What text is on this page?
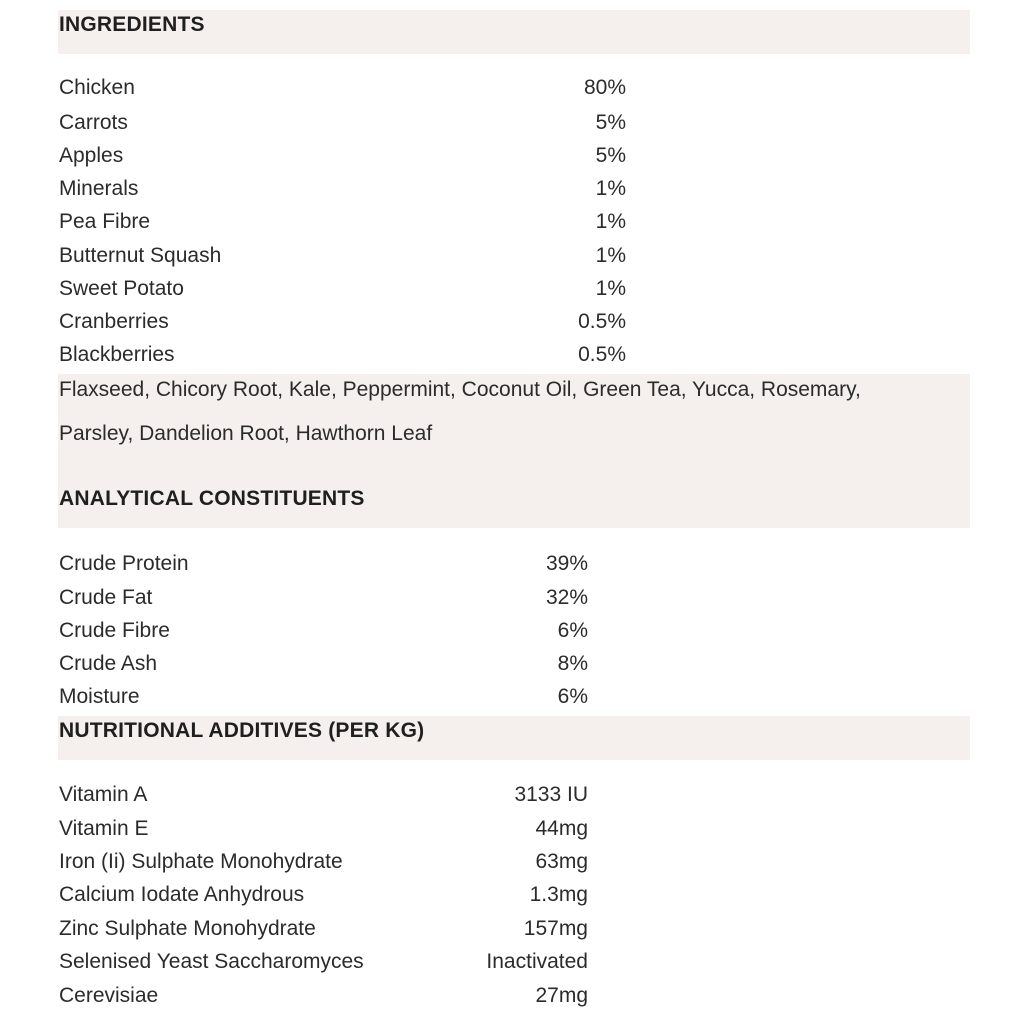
INGREDIENTS
Chicken	80%
Carrots	5%
Apples	5%
Minerals	1%
Pea Fibre	1%
Butternut Squash	1%
Sweet Potato	1%
Cranberries	0.5%
Blackberries	0.5%
Flaxseed, Chicory Root, Kale, Peppermint, Coconut Oil, Green Tea, Yucca, Rosemary,
Parsley, Dandelion Root, Hawthorn Leaf
ANALYTICAL CONSTITUENTS
Crude Protein	39%
Crude Fat	32%
Crude Fibre	6%
Crude Ash	8%
Moisture	6%
NUTRITIONAL ADDITIVES (PER KG)
Vitamin A	3133 IU
Vitamin E	44mg
Iron (Ii) Sulphate Monohydrate	63mg
Calcium Iodate Anhydrous	1.3mg
Zinc Sulphate Monohydrate	157mg
Selenised Yeast Saccharomyces	Inactivated
Cerevisiae	27mg
